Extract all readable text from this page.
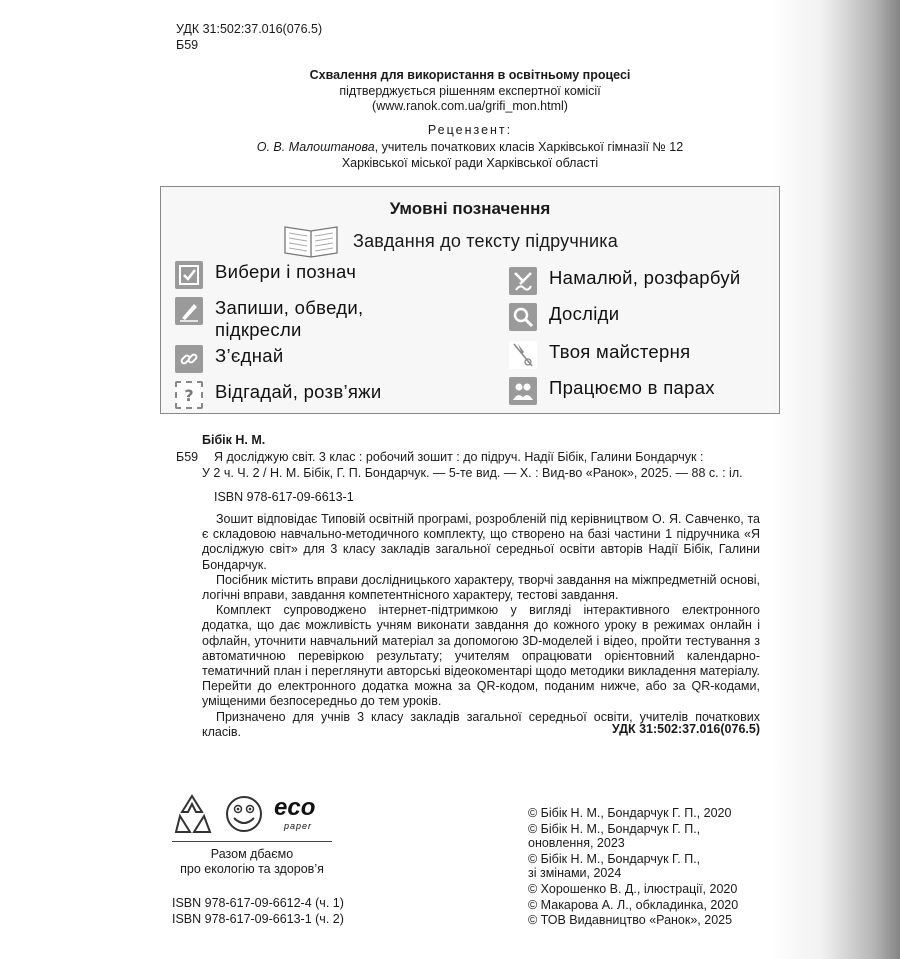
УДК 31:502:37.016(076.5)
Б59
Схвалення для використання в освітньому процесі
підтверджується рішенням експертної комісії
(www.ranok.com.ua/grifi_mon.html)
Рецензент:
О. В. Малоштанова, учитель початкових класів Харківської гімназії № 12
Харківської міської ради Харківської області
Умовні позначення
Завдання до тексту підручника
Вибери і познач
Запиши, обведи,
підкресли
З’єднай
? Відгадай, розв’яжи
Намалюй, розфарбуй
Досліди
Твоя майстерня
Працюємо в парах
Бібік Н. М.
Б59 Я досліджую світ. 3 клас : робочий зошит : до підруч. Надії Бібік, Галини Бондарчук :
У 2 ч. Ч. 2 / Н. М. Бібік, Г. П. Бондарчук. — 5-те вид. — Х. : Вид-во «Ранок», 2025. — 88 с. : іл.
ISBN 978-617-09-6613-1

Зошит відповідає Типовій освітній програмі, розробленій під керівництвом О. Я. Савченко, та є складовою навчально-методичного комплекту, що створено на базі частини 1 підручника «Я досліджую світ» для 3 класу закладів загальної середньої освіти авторів Надії Бібік, Галини Бондарчук.

Посібник містить вправи дослідницького характеру, творчі завдання на міжпредметній основі, логічні вправи, завдання компетентнісного характеру, тестові завдання.

Комплект супроводжено інтернет-підтримкою у вигляді інтерактивного електронного додатка, що дає можливість учням виконати завдання до кожного уроку в режимах онлайн і офлайн, уточнити навчальний матеріал за допомогою 3D-моделей і відео, пройти тестування з автоматичною перевіркою результату; учителям опрацювати орієнтовний календарно-тематичний план і переглянути авторські відеокоментарі щодо методики викладення матеріалу. Перейти до електронного додатка можна за QR-кодом, поданим нижче, або за QR-кодами, уміщеними безпосередньо до тем уроків.

Призначено для учнів 3 класу закладів загальної середньої освіти, учителів початкових класів.	УДК 31:502:37.016(076.5)
eco
paper
Разом дбаємо
про екологію та здоров’я
ISBN 978-617-09-6612-4 (ч. 1)
ISBN 978-617-09-6613-1 (ч. 2)
© Бібік Н. М., Бондарчук Г. П., 2020
© Бібік Н. М., Бондарчук Г. П.,
оновлення, 2023
© Бібік Н. М., Бондарчук Г. П.,
зі змінами, 2024
© Хорошенко В. Д., ілюстрації, 2020
© Макарова А. Л., обкладинка, 2020
© ТОВ Видавництво «Ранок», 2025
